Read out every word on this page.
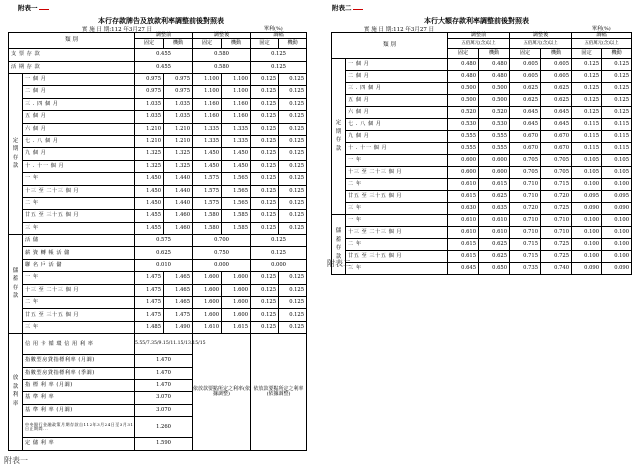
附表一
本行存款牌告及放款利率調整前後對照表
實 施 日 期:112 年3月27 日	單利(%)
類 別		調整前		調整後		調幅	
		固定	機動	固定	機動	固定	機動
支 票 存 款		0.455		0.580		0.125	
活 期 存 款		0.455		0.580		0.125	

定
期
存
款	一 個 月	0.975	0.975	1.100	1.100	0.125	0.125
	二 個 月	0.975	0.975	1.100	1.100	0.125	0.125
	三 . 四 個 月	1.035	1.035	1.160	1.160	0.125	0.125
	五 個 月	1.035	1.035	1.160	1.160	0.125	0.125
	六 個 月	1.210	1.210	1.335	1.335	0.125	0.125
	七 . 八 個 月	1.210	1.210	1.335	1.335	0.125	0.125
	九 個 月	1.325	1.325	1.450	1.450	0.125	0.125
	十 . 十一 個 月	1.325	1.325	1.450	1.450	0.125	0.125
	一 年	1.450	1.440	1.575	1.565	0.125	0.125
	十三 至 二十三 個 月	1.450	1.440	1.575	1.565	0.125	0.125
	二 年	1.450	1.440	1.575	1.565	0.125	0.125
	廿五 至 三十五 個 月	1.455	1.460	1.580	1.585	0.125	0.125
	三 年	1.455	1.460	1.580	1.585	0.125	0.125

儲
蓄
存
款	活 儲	0.575		0.700		0.125	
	薪 資 轉 帳 活 儲	0.625		0.750		0.125	
	聯 名 戶 活 儲	0.010		0.000		0.000	
	一 年	1.475	1.465	1.600	1.600	0.125	0.125
	十三 至 二十三 個 月	1.475	1.465	1.600	1.600	0.125	0.125
	二 年	1.475	1.465	1.600	1.600	0.125	0.125
	廿五 至 三十五 個 月	1.475	1.475	1.600	1.600	0.125	0.125
	三 年	1.485	1.490	1.610	1.615	0.125	0.125

放
款
利
率	信 用 卡 循 環 信 用 利 率	5.55/7.35/9.15/11.15/13.15/15		依放款要點所定之利率(依據調整)		依放款要點所定之利率(依據調整)	
	指數型房貸指標利率 (月調)	1.470					
	指數型房貸指標利率 (季調)	1.470					
	指 標 利 率 (月調)	1.470					
	基 準 利 率	3.070					
	基 準 利 率 (月調)	3.070					
	中央銀行金融政策月期存款自112年3月24日至3月31日止期間...	1.260					
	定 儲 利 率	1.590					
附表一
附表二
本行大額存款利率調整前後對照表
實 施 日 期:112 年3月27 日	單利(%)
類 別		調整前		調整後		調幅	
		五佰萬元(含)以上		五佰萬元(含)以上		五佰萬元(含)以上	
		固定	機動	固定	機動	固定	機動

定
期
存
款	一 個 月	0.480	0.480	0.605	0.605	0.125	0.125
	二 個 月	0.480	0.480	0.605	0.605	0.125	0.125
	三 . 四 個 月	0.500	0.500	0.625	0.625	0.125	0.125
	五 個 月	0.500	0.500	0.625	0.625	0.125	0.125
	六 個 月	0.520	0.520	0.645	0.645	0.125	0.125
	七 . 八 個 月	0.530	0.530	0.645	0.645	0.115	0.115
	九 個 月	0.555	0.555	0.670	0.670	0.115	0.115
	十 . 十一 個 月	0.555	0.555	0.670	0.670	0.115	0.115
	一 年	0.600	0.600	0.705	0.705	0.105	0.105
	十三 至 二十三 個 月	0.600	0.600	0.705	0.705	0.105	0.105
	二 年	0.610	0.615	0.710	0.715	0.100	0.100
	廿五 至 三十五 個 月	0.615	0.625	0.710	0.720	0.095	0.095
	三 年	0.630	0.635	0.720	0.725	0.090	0.090

儲
蓄
存
款	一 年	0.610	0.610	0.710	0.710	0.100	0.100
	十三 至 二十三 個 月	0.610	0.610	0.710	0.710	0.100	0.100
	二 年	0.615	0.625	0.715	0.725	0.100	0.100
	廿五 至 三十五 個 月	0.615	0.625	0.715	0.725	0.100	0.100
	三 年	0.645	0.650	0.735	0.740	0.090	0.090
附表二
